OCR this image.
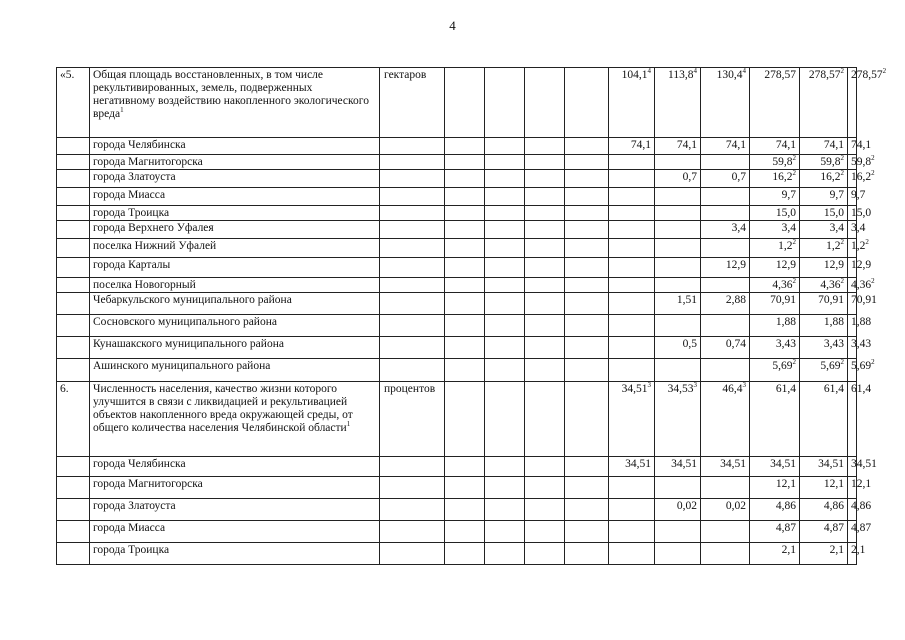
4
«5.	Общая площадь восстановленных, в том числе рекультивированных, земель, подверженных негативному воздействию накопленного экологического вреда$^1$	гектаров					104,1$^4$	113,8$^4$	130,4$^4$	278,57	278,57$^2$	278,57$^2$
	города Челябинска						74,1	74,1	74,1	74,1	74,1	74,1
	города Магнитогорска									59,8$^2$	59,8$^2$	59,8$^2$
	города Златоуста							0,7	0,7	16,2$^2$	16,2$^2$	16,2$^2$
	города Миасса									9,7	9,7	9,7
	города Троицка									15,0	15,0	15,0
	города Верхнего Уфалея								3,4	3,4	3,4	3,4
	поселка Нижний Уфалей									$1,2^2$	$1,2^2$	$1,2^2$
	города Карталы								12,9	12,9	12,9	12,9
	поселка Новогорный									4,36$^2$	4,36$^2$	4,36$^2$
	Чебаркульского муниципального района							1,51	2,88	70,91	70,91	70,91
	Сосновского муниципального района									1,88	1,88	1,88
	Кунашакского муниципального района							0,5	0,74	3,43	3,43	3,43
	Ашинского муниципального района									5,69$^2$	5,69$^2$	5,69$^2$
6.	Численность населения, качество жизни которого улучшится в связи с ликвидацией и рекультивацией объектов накопленного вреда окружающей среды, от общего количества населения Челябинской области$^1$	процентов					34,51$^3$	34,53$^3$	46,4$^3$	61,4	61,4	61,4
	города Челябинска						34,51	34,51	34,51	34,51	34,51	34,51
	города Магнитогорска									12,1	12,1	12,1
	города Златоуста							0,02	0,02	4,86	4,86	4,86
	города Миасса									4,87	4,87	4,87
	города Троицка									2,1	2,1	2,1
